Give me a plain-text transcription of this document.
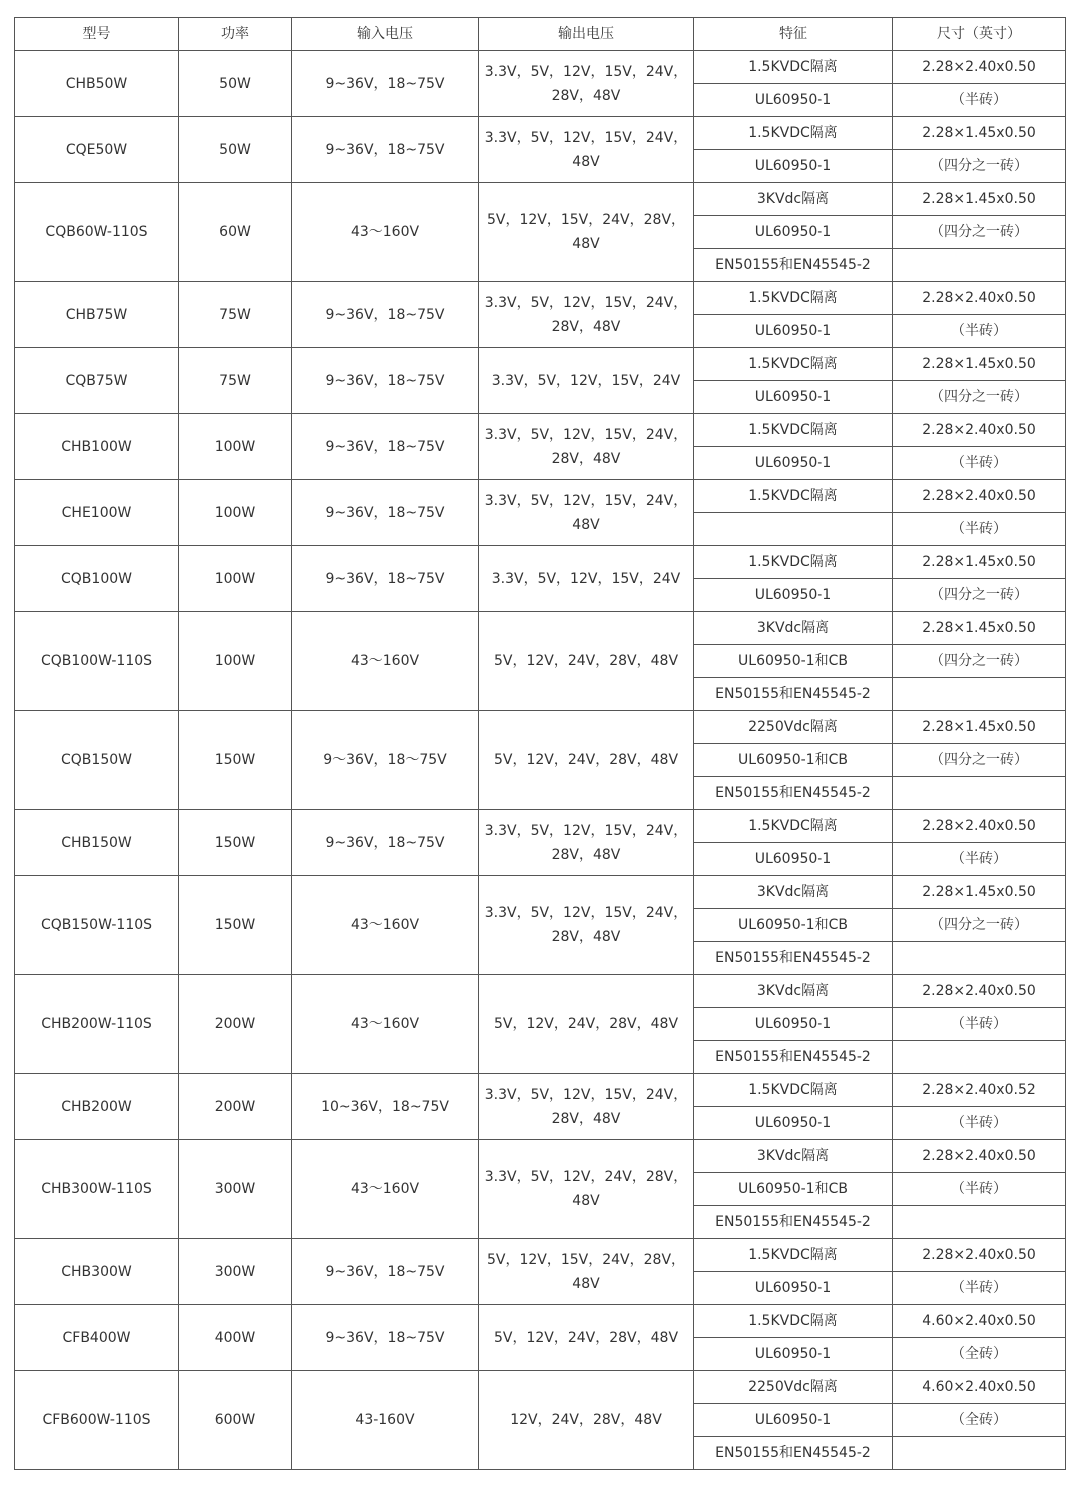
型号	功率	输入电压	输出电压	特征	尺寸（英寸）
CHB50W	50W	9~36V，18~75V	3.3V，5V，12V，15V，24V，28V，48V	1.5KVDC隔离	2.28×2.40x0.50
				UL60950-1	（半砖）
CQE50W	50W	9~36V，18~75V	3.3V，5V，12V，15V，24V，48V	1.5KVDC隔离	2.28×1.45x0.50
				UL60950-1	（四分之一砖）
CQB60W-110S	60W	43～160V	5V，12V，15V，24V，28V，48V	3KVdc隔离	2.28×1.45x0.50
				UL60950-1	（四分之一砖）
				EN50155和EN45545-2	
CHB75W	75W	9~36V，18~75V	3.3V，5V，12V，15V，24V，28V，48V	1.5KVDC隔离	2.28×2.40x0.50
				UL60950-1	（半砖）
CQB75W	75W	9~36V，18~75V	3.3V，5V，12V，15V，24V	1.5KVDC隔离	2.28×1.45x0.50
				UL60950-1	（四分之一砖）
CHB100W	100W	9~36V，18~75V	3.3V，5V，12V，15V，24V，28V，48V	1.5KVDC隔离	2.28×2.40x0.50
				UL60950-1	（半砖）
CHE100W	100W	9~36V，18~75V	3.3V，5V，12V，15V，24V，48V	1.5KVDC隔离	2.28×2.40x0.50
					（半砖）
CQB100W	100W	9~36V，18~75V	3.3V，5V，12V，15V，24V	1.5KVDC隔离	2.28×1.45x0.50
				UL60950-1	（四分之一砖）
CQB100W-110S	100W	43～160V	5V，12V，24V，28V，48V	3KVdc隔离	2.28×1.45x0.50
				UL60950-1和CB	（四分之一砖）
				EN50155和EN45545-2	
CQB150W	150W	9～36V，18～75V	5V，12V，24V，28V，48V	2250Vdc隔离	2.28×1.45x0.50
				UL60950-1和CB	（四分之一砖）
				EN50155和EN45545-2	
CHB150W	150W	9~36V，18~75V	3.3V，5V，12V，15V，24V，28V，48V	1.5KVDC隔离	2.28×2.40x0.50
				UL60950-1	（半砖）
CQB150W-110S	150W	43～160V	3.3V，5V，12V，15V，24V，28V，48V	3KVdc隔离	2.28×1.45x0.50
				UL60950-1和CB	（四分之一砖）
				EN50155和EN45545-2	
CHB200W-110S	200W	43～160V	5V，12V，24V，28V，48V	3KVdc隔离	2.28×2.40x0.50
				UL60950-1	（半砖）
				EN50155和EN45545-2	
CHB200W	200W	10~36V，18~75V	3.3V，5V，12V，15V，24V，28V，48V	1.5KVDC隔离	2.28×2.40x0.52
				UL60950-1	（半砖）
CHB300W-110S	300W	43～160V	3.3V，5V，12V，24V，28V，48V	3KVdc隔离	2.28×2.40x0.50
				UL60950-1和CB	（半砖）
				EN50155和EN45545-2	
CHB300W	300W	9~36V，18~75V	5V，12V，15V，24V，28V，48V	1.5KVDC隔离	2.28×2.40x0.50
				UL60950-1	（半砖）
CFB400W	400W	9~36V，18~75V	5V，12V，24V，28V，48V	1.5KVDC隔离	4.60×2.40x0.50
				UL60950-1	（全砖）
CFB600W-110S	600W	43-160V	12V，24V，28V，48V	2250Vdc隔离	4.60×2.40x0.50
				UL60950-1	（全砖）
				EN50155和EN45545-2	
